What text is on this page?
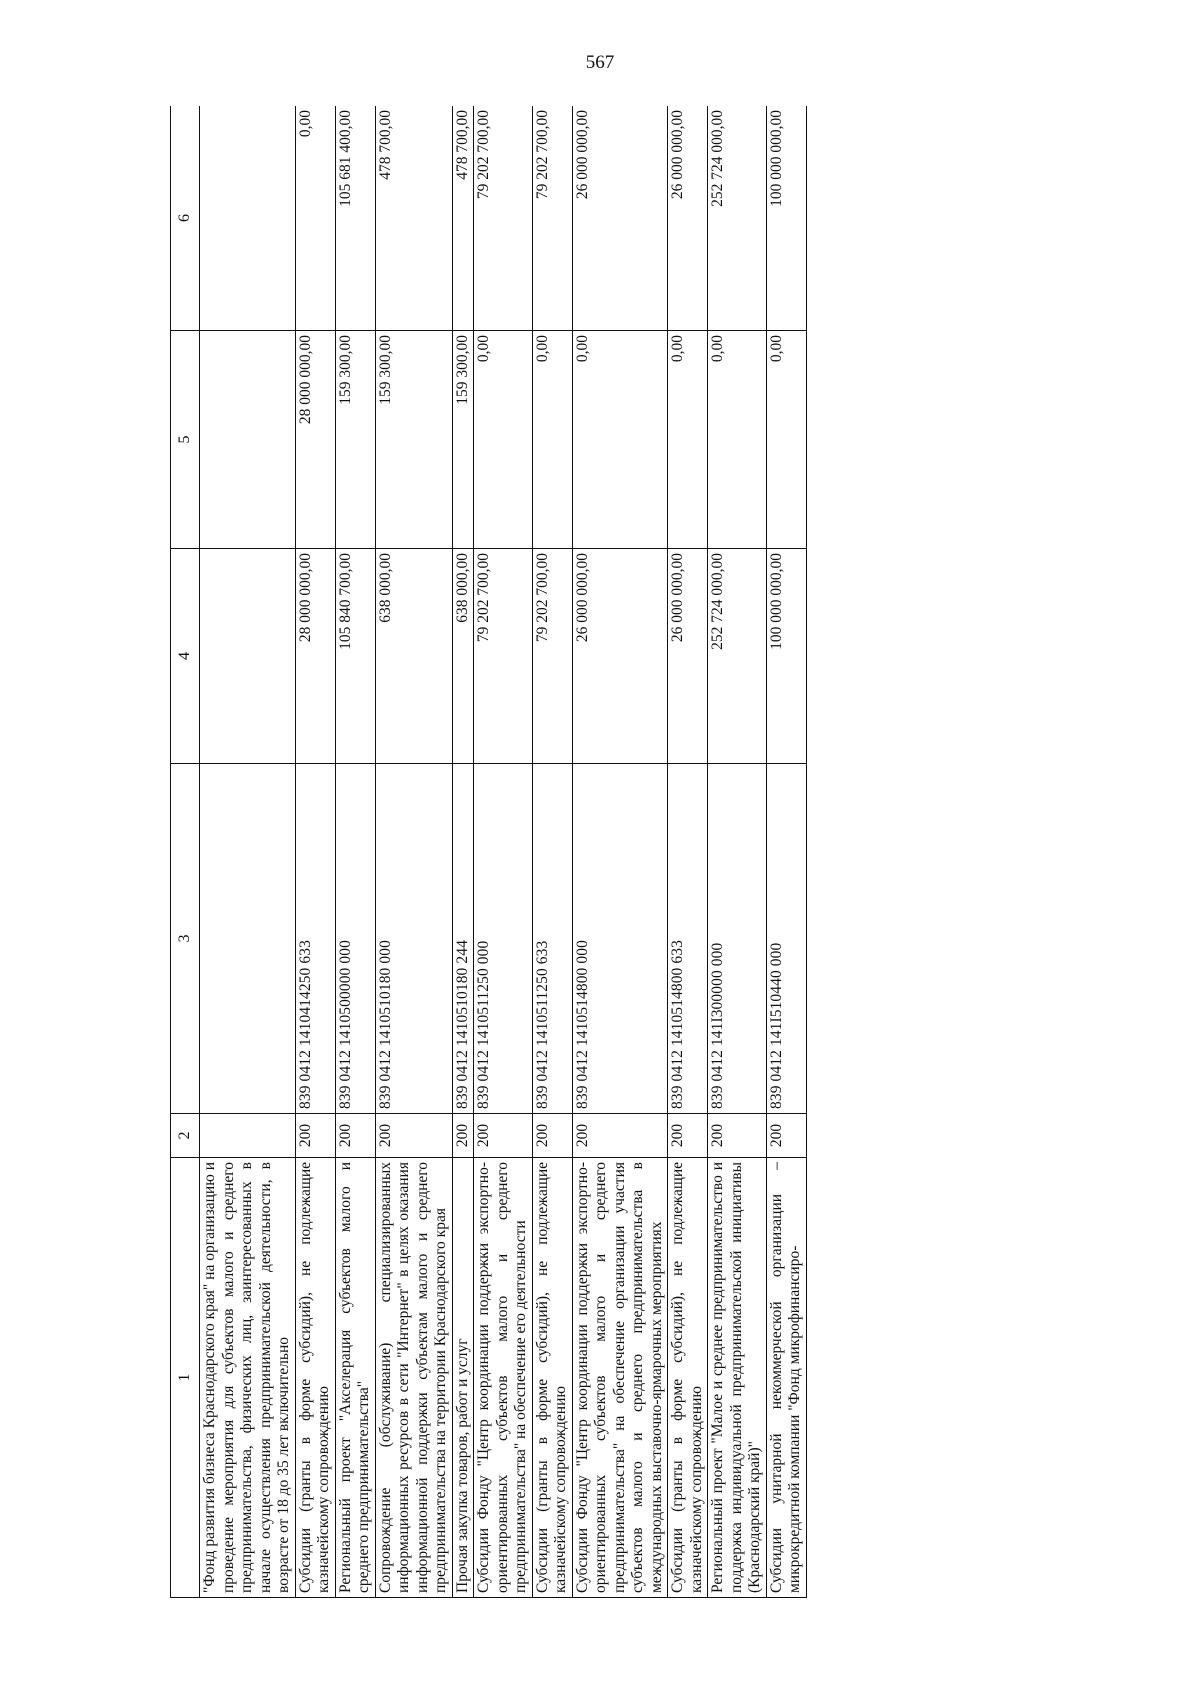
567
1	2	3	4	5	6
"Фонд развития бизнеса Краснодарского края" на организацию и проведение мероприятия для субъектов малого и среднего предпринимательства, физических лиц, заинтересованных в начале осуществления предпринимательской деятельности, в возрасте от 18 до 35 лет включительно					
Субсидии (гранты в форме субсидий), не подлежащие казначейскому сопровождению	200	839 0412 1410414250 633	28 000 000,00	28 000 000,00	0,00
Региональный проект "Акселерация субъектов малого и среднего предпринимательства"	200	839 0412 1410500000 000	105 840 700,00	159 300,00	105 681 400,00
Сопровождение (обслуживание) специализированных информационных ресурсов в сети "Интернет" в целях оказания информационной поддержки субъектам малого и среднего предпринимательства на территории Краснодарского края	200	839 0412 1410510180 000	638 000,00	159 300,00	478 700,00
Прочая закупка товаров, работ и услуг	200	839 0412 1410510180 244	638 000,00	159 300,00	478 700,00
Субсидии Фонду "Центр координации поддержки экспортно-ориентированных субъектов малого и среднего предпринимательства" на обеспечение его деятельности	200	839 0412 1410511250 000	79 202 700,00	0,00	79 202 700,00
Субсидии (гранты в форме субсидий), не подлежащие казначейскому сопровождению	200	839 0412 1410511250 633	79 202 700,00	0,00	79 202 700,00
Субсидии Фонду "Центр координации поддержки экспортно-ориентированных субъектов малого и среднего предпринимательства" на обеспечение организации участия субъектов малого и среднего предпринимательства в международных выставочно-ярмарочных мероприятиях	200	839 0412 1410514800 000	26 000 000,00	0,00	26 000 000,00
Субсидии (гранты в форме субсидий), не подлежащие казначейскому сопровождению	200	839 0412 1410514800 633	26 000 000,00	0,00	26 000 000,00
Региональный проект "Малое и среднее предпринимательство и поддержка индивидуальной предпринимательской инициативы (Краснодарский край)"	200	839 0412 141I300000 000	252 724 000,00	0,00	252 724 000,00
Субсидии унитарной некоммерческой организации – микрокредитной компании "Фонд микрофинансиро-	200	839 0412 141I510440 000	100 000 000,00	0,00	100 000 000,00
